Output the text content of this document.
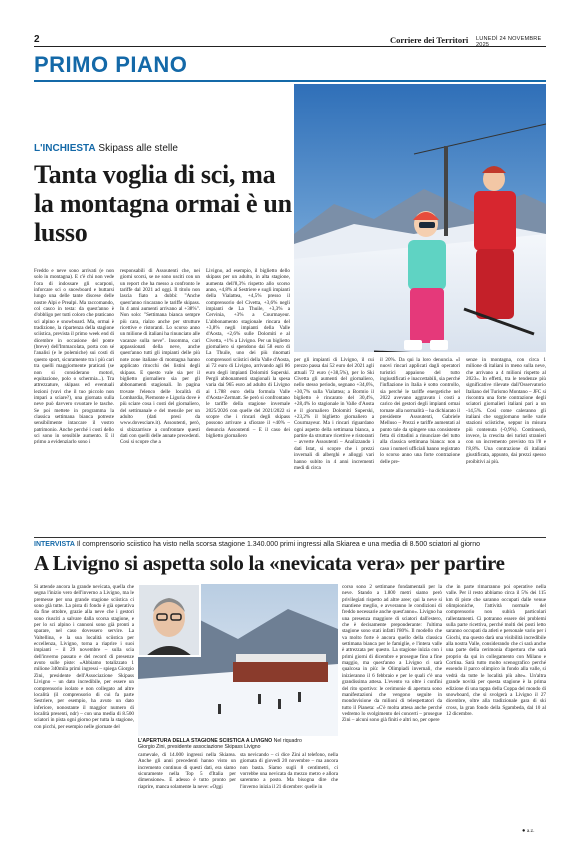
2	Corriere dei Territori LUNEDÌ 24 NOVEMBRE 2025
PRIMO PIANO
L'INCHIESTA Skipass alle stelle
Tanta voglia di sci, ma la montagna ormai è un lusso
Freddo e neve sono arrivati (e non solo in montagna). E c'è chi non vede l'ora di indossare gli scarponi, inforcare sci o snowboard e buttarsi lungo una delle tante discese delle nostre Alpi e Prealpi. Ma raccomando, col casco in testa: da quest'anno è d'obbligo per tutti coloro che praticano sci alpino e snowboard. Ma, ormai è tradizione, la ripartenza della stagione sciistica, prevista il primo week end di dicembre in occasione del ponte (breve) dell'Immacolata, porta con sé l'analisi (e le polemiche) sui costi di questo sport, sicuramente tra i più cari tra quelli maggiormente praticati (se non si considerano motori, equitazione, polo o schermia...). Tra attrezzature, skipass ed eventuali lezioni (vavi che il tuo piccolo non impari a sciare?), una giornata sulla neve può davvero svuotare le tasche. Se poi mettete in programma la classica settimana bianca potreste sensibilmente intaccare il vostro patrimonio. Anche perché i costi dello sci sono in sensibile aumento. E il primo a evidenziarlo sono i
responsabili di Assoutenti che, nei giorni scorsi, se ne sono usciti con un un report che ha messo a confronto le tariffe dal 2021 ad oggi. Il titolo non lascia fiato a dubbi: "Anche quest'anno rincarano le tariffe skipass. In 4 anni aumenti arrivano al +38%". Non solo: "Settimana bianca sempre più cara, rialzo anche per strutture ricettive e ristoranti. Lo scorso anno un milione di italiani ha rinunciato alle vacanze sulla neve". Insomma, cari appassionati della neve, anche quest'anno tutti gli impianti delle più note zone italiane di montagna hanno applicato ritocchi dei listini degli skipass. E questo vale sia per il biglietto giornaliero sia per gli abbonamenti stagionali. In pagina trovate l'elenco delle località di Lombardia, Piemonte e Liguria dove è più sciare cosa i costi del giornaliero, del settimanale e del mensile per un adulto (dati presi da www.dovesciare.it). Assoutenti, però, si sbizzarrisce a confrontare questi dati con quelli delle annate precedenti. Così si scopre che a
Livigno, ad esempio, il biglietto dello skipass per un adulto, in alta stagione, aumenta dell'8,3% rispetto allo scorso anno, +4,8% al Sestriere e sugli impianti della Vialattea, +4,5% presso il comprensorio del Civetta, +3,6% negli impianti de La Thuile, +3,3% a Cervinia, +3% a Courmayeur. L'abbonamento stagionale rincara del +3,8% negli impianti della Valle d'Aosta, +2,6% sulle Dolomiti e al Civetta, +1% a Livigno. Per un biglietto giornaliero si spendono dai 58 euro di La Thuile, uno dei più rinomati comprensori sciistici della Valle d'Aosta, ai 72 euro di Livigno, arrivando agli 86 euro degli impianti Dolomiti Superski. Pergli abbonamenti stagionali la spesa varia dai 965 euro ad adulto di Livigno ai 1.788 euro della formula Valle d'Aosta+Zermatt. Se però si confrontano le tariffe della stagione invernale 2025/2026 con quelle del 2021/2022 si scopre che i rincari degli skipass possono arrivare a sfiorare il +40% – denuncia Assoutenti – E il caso dei biglietto giornaliero
per gli impianti di Livigno, il cui prezzo passa dai 52 euro del 2021 agli attuali 72 euro (+38,5%), per lo Ski Civetta gli aumenti del giornaliero, nello stesso periodo, segnano +34,6%, +30,7% sulla Vialattea; a Bormio il biglietto è rincarato del 30,4%, +28,4% lo stagionale in Valle d'Aosta e il giornaliero Dolomiti Superski, +23,2% il biglietto giornaliero a Courmayeur. Ma i rincari riguardano ogni aspetto della settimana bianca, a partire da strutture ricettive e ristoranti – avverte Assoutenti – Analizzando i dati Istat, si scopre che i prezzi invernali di alberghi e alloggi vari hanno subito in 4 anni incrementi medi di circa
il 20%. Da qui la loro denuncia. «I nuovi rincari applicati dagli operatori turistici appaiono del tutto ingiustificati e inaccettabili, sia perché l'inflazione in Italia è sotto controllo, sia perché le tariffe energetiche nel 2022 avevano aggravato i costi a carico dei gestori degli impianti ormai tornate alla normalità – ha dichiarato il presidente Assoutenti, Gabriele Melluso – Prezzi e tariffe aumentati al punto tale da spingere una consistente fetta di cittadini a rinunciare del tutto alla classica settimana bianca: non a caso i numeri ufficiali hanno registrato lo scorso anno una forte contrazione delle pre-
senze in montagna, con circa 1 milione di italiani in meno sulla neve, che arrivano a 4 milioni rispetto al 2023». In effetti, tra le tendenze più significative rilevate dall'Osservatorio Italiano del Turismo Montano – JFC si riscontra una forte contrazione degli sciatori giornalieri italiani pari a un -14,5%. Così come calerannо gli italiani che soggiornano nelle varie stazioni sciistiche, seppur in misura più contenuta (-0,9%). Continuerà, invece, la crescita dei turisti stranieri con un incremento previsto tra l'8 e l'8,8%. Una contrazione di italiani giustificata, appunto, dai prezzi spesso proibitivi ai più.
INTERVISTA Il comprensorio sciistico ha visto nella scorsa stagione 1.340.000 primi ingressi alla Skiarea e una media di 8.500 sciatori al giorno
A Livigno si aspetta solo la «nevicata vera» per partire
L'APERTURA DELLA STAGIONE SCIISTICA A LIVIGNO Nel riquadro
Giorgio Zini, presidente associazione Skipass Livigno
Si attende ancora la grande nevicata, quella che segna l'inizio vero dell'inverno a Livigno, ma le premesse per una grande stagione sciistica ci sono già tutte. La pista di fondo è già operativa da fine ottobre, grazie alla neve che i gestori sono riusciti a salvare dalla scorsa stagione, e per lo sci alpino i cannoni sono già pronti a sparare, nel caso dovessero servire. La Valtellina, e la sua località sciistica per eccellenza, Livigno, torna a riaprire i suoi impianti – il 29 novembre – sulla scia dell'inverno passato e del record di presenze avuto sulle piste: «Abbiamo totalizzato 1 milione 340mila primi ingressi – spiega Giorgio Zini, presidente dell'Associazione Skipass Livigno – un dato incredibile, per essere un comprensorio isolato e non collegato ad altre località (il comprensorio di cui fa parte Sestriere, per esempio, ha avuto un dato inferiore, nonostante il maggior numero di località presenti, ndr) – con una media di 8.500 sciatori in pista ogni giorno per tutta la stagione, con picchi, per esempio nelle giornate del
carnevale, di 14.000 ingressi nella Skiarea. Anche gli anni precedenti hanno visto un incremento continuo di questi dati, era siamo sicuramente nella Top 5 d'Italia per dimensione». E adesso è tutto pronto per riaprire, manca solamente la neve: «Oggi
sta nevicando – ci dice Zini al telefono, nella giornata di giovedì 20 novembre – ma ancora non basta. Siamo sugli 8 centimetri, ci vorrebbe una nevicata da mezzo metro e allora saremmo a posto. Ma bisogna dire che l'inverno inizia il 21 dicembre: quelle in
corso sono 2 settimane fondamentali per la neve. Stando a 1.800 metri siamo però privilegiati rispetto ad altre aree; qui la neve si mantiene meglio, e avveranno le condizioni di freddo necessarie anche quest'anno». Livigno ha una presenza maggiore di sciatori dall'estero, che è decisamente preponderante: l'ultima stagione sono stati infatti l'80%. Il modello che va molto forte è ancora quello della classica settimana bianca per le famiglie, e l'intera valle è attrezzata per questo. La stagione inizia con i primi giorni di dicembre e prosegue fino a fine maggio, ma quest'anno a Livigno ci sarà qualcosa in più: le Olimpiadi invernali, che inizieranno il 6 febbraio e per le quali c'è una grandissima attesa. L'evento va oltre i confini del rito sportivo: le cerimonie di apertura sono manifestazioni che vengono seguite in mondovisione da milioni di telespettatori da tutto il Pianeta: «C'è molta attesa anche perché vedremo lo svolgimento dei concerti – prosegue Zini – alcuni sono già finiti e altri no, per opere
che in parte rimarranno poi operative nella valle. Per il resto abbiamo circa il 5% dei 115 km di piste che saranno occupati dalle venue olimpioniche, l'attività normale del comprensorio non subirà particolari rallentamenti. Ci potranno essere dei problemi sulla parte ricettiva, perché molti dei posti letto saranno occupati da atleti e personale vario per i Giochi, ma questo darà una visibilità incredibile alla nostra Valle, considerando che ci sarà anche una parte della cerimonia d'apertura che sarà proprio da qui in collegamento con Milano e Cortina. Sarà tutto molto scenografico perché essendo il parco olimpico in fondo alla valle, si vedrà da tutte le località più alte». Un'altra grande novità per questa stagione è la prima edizione di una tappa della Coppa del mondo di snowboard, che sì svolgerà a Livigno il 27 dicembre, oltre alla tradizionale gara di ski cross, la gran fondo della Sgambeda, dal 10 al 12 dicembre.
● a.z.
